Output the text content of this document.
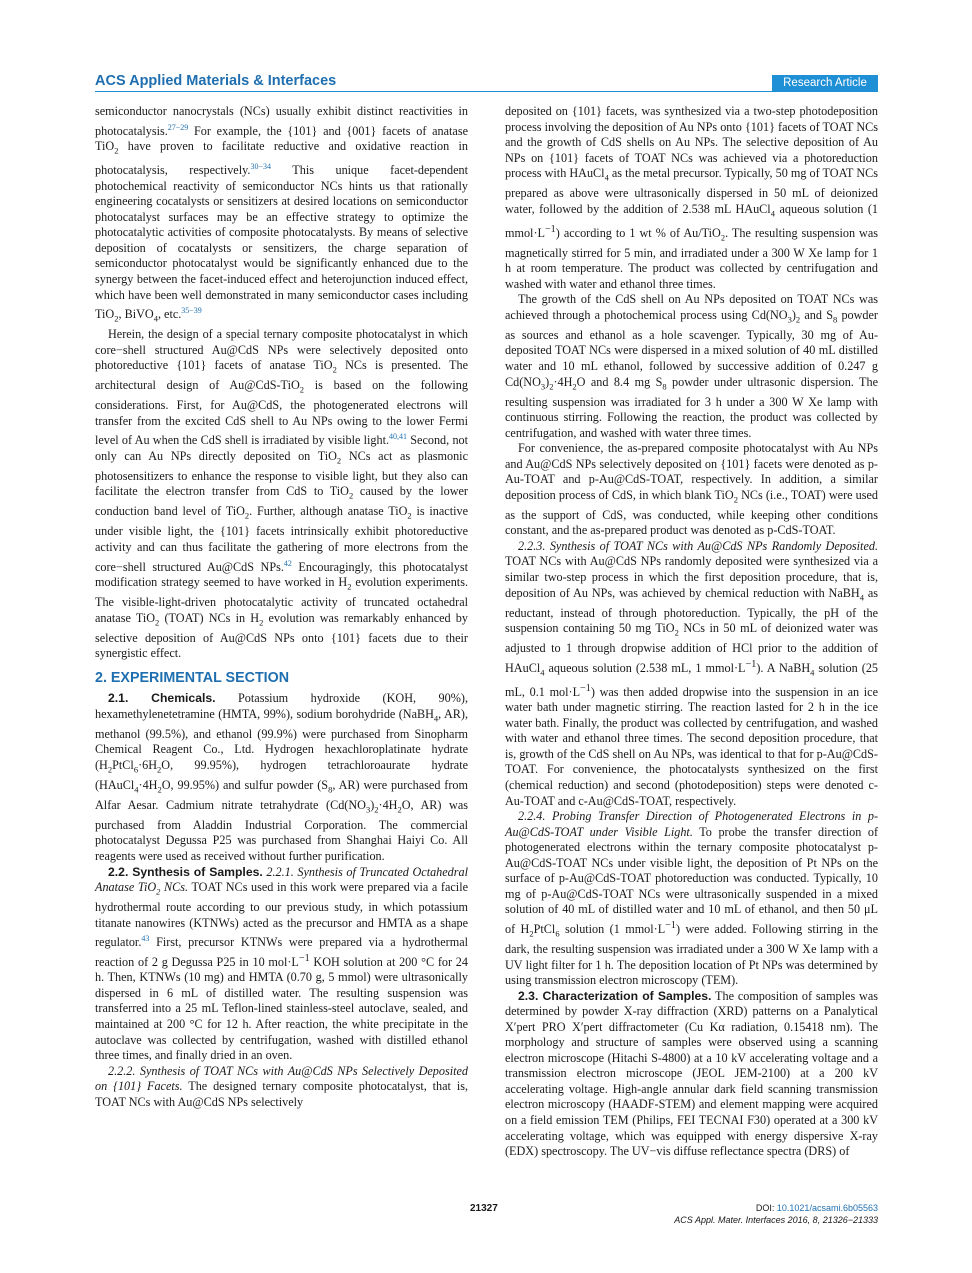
ACS Applied Materials & Interfaces	Research Article

semiconductor nanocrystals (NCs) usually exhibit distinct reactivities in photocatalysis.$^{27-29}$ For example, the {101} and {001} facets of anatase TiO$_2$ have proven to facilitate reductive and oxidative reaction in photocatalysis, respectively.$^{30-34}$ This unique facet-dependent photochemical reactivity of semiconductor NCs hints us that rationally engineering cocatalysts or sensitizers at desired locations on semiconductor photocatalyst surfaces may be an effective strategy to optimize the photocatalytic activities of composite photocatalysts. By means of selective deposition of cocatalysts or sensitizers, the charge separation of semiconductor photocatalyst would be significantly enhanced due to the synergy between the facet-induced effect and heterojunction induced effect, which have been well demonstrated in many semiconductor cases including TiO$_2$, BiVO$_4$, etc.$^{35-39}$

Herein, the design of a special ternary composite photocatalyst in which core−shell structured Au@CdS NPs were selectively deposited onto photoreductive {101} facets of anatase TiO$_2$ NCs is presented. The architectural design of Au@CdS-TiO$_2$ is based on the following considerations. First, for Au@CdS, the photogenerated electrons will transfer from the excited CdS shell to Au NPs owing to the lower Fermi level of Au when the CdS shell is irradiated by visible light.$^{40,41}$ Second, not only can Au NPs directly deposited on TiO$_2$ NCs act as plasmonic photosensitizers to enhance the response to visible light, but they also can facilitate the electron transfer from CdS to TiO$_2$ caused by the lower conduction band level of TiO$_2$. Further, although anatase TiO$_2$ is inactive under visible light, the {101} facets intrinsically exhibit photoreductive activity and can thus facilitate the gathering of more electrons from the core−shell structured Au@CdS NPs.$^{42}$ Encouragingly, this photocatalyst modification strategy seemed to have worked in $H_2$ evolution experiments. The visible-light-driven photocatalytic activity of truncated octahedral anatase TiO$_2$ (TOAT) NCs in $H_2$ evolution was remarkably enhanced by selective deposition of Au@CdS NPs onto {101} facets due to their synergistic effect.

2. EXPERIMENTAL SECTION

2.1. Chemicals. Potassium hydroxide (KOH, 90%), hexamethylenetetramine (HMTA, 99%), sodium borohydride (NaBH$_4$, AR), methanol (99.5%), and ethanol (99.9%) were purchased from Sinopharm Chemical Reagent Co., Ltd. Hydrogen hexachloroplatinate hydrate ($H_2PtCl_6\cdot 6H_2O$, 99.95%), hydrogen tetrachloroaurate hydrate ($HAuCl_4\cdot 4H_2O$, 99.95%) and sulfur powder ($S_8$, AR) were purchased from Alfar Aesar. Cadmium nitrate tetrahydrate ($Cd(NO_3)_2\cdot 4H_2O$, AR) was purchased from Aladdin Industrial Corporation. The commercial photocatalyst Degussa P25 was purchased from Shanghai Haiyi Co. All reagents were used as received without further purification.

2.2. Synthesis of Samples. 2.2.1. Synthesis of Truncated Octahedral Anatase TiO$_2$ NCs. TOAT NCs used in this work were prepared via a facile hydrothermal route according to our previous study, in which potassium titanate nanowires (KTNWs) acted as the precursor and HMTA as a shape regulator.$^{43}$ First, precursor KTNWs were prepared via a hydrothermal reaction of 2 g Degussa P25 in 10 $mol\cdot L^{-1}$ KOH solution at 200 °C for 24 h. Then, KTNWs (10 mg) and HMTA (0.70 g, 5 mmol) were ultrasonically dispersed in 6 mL of distilled water. The resulting suspension was transferred into a 25 mL Teflon-lined stainless-steel autoclave, sealed, and maintained at 200 °C for 12 h. After reaction, the white precipitate in the autoclave was collected by centrifugation, washed with distilled ethanol three times, and finally dried in an oven.

2.2.2. Synthesis of TOAT NCs with Au@CdS NPs Selectively Deposited on {101} Facets. The designed ternary composite photocatalyst, that is, TOAT NCs with Au@CdS NPs selectively

deposited on {101} facets, was synthesized via a two-step photodeposition process involving the deposition of Au NPs onto {101} facets of TOAT NCs and the growth of CdS shells on Au NPs. The selective deposition of Au NPs on {101} facets of TOAT NCs was achieved via a photoreduction process with HAuCl$_4$ as the metal precursor. Typically, 50 mg of TOAT NCs prepared as above were ultrasonically dispersed in 50 mL of deionized water, followed by the addition of 2.538 mL HAuCl$_4$ aqueous solution (1 $mmol\cdot L^{-1}$) according to 1 wt % of Au/TiO$_2$. The resulting suspension was magnetically stirred for 5 min, and irradiated under a 300 W Xe lamp for 1 h at room temperature. The product was collected by centrifugation and washed with water and ethanol three times.

The growth of the CdS shell on Au NPs deposited on TOAT NCs was achieved through a photochemical process using $Cd(NO_3)_2$ and $S_8$ powder as sources and ethanol as a hole scavenger. Typically, 30 mg of Au-deposited TOAT NCs were dispersed in a mixed solution of 40 mL distilled water and 10 mL ethanol, followed by successive addition of 0.247 g $Cd(NO_3)_2\cdot 4H_2O$ and 8.4 mg $S_8$ powder under ultrasonic dispersion. The resulting suspension was irradiated for 3 h under a 300 W Xe lamp with continuous stirring. Following the reaction, the product was collected by centrifugation, and washed with water three times.

For convenience, the as-prepared composite photocatalyst with Au NPs and Au@CdS NPs selectively deposited on {101} facets were denoted as p-Au-TOAT and p-Au@CdS-TOAT, respectively. In addition, a similar deposition process of CdS, in which blank TiO$_2$ NCs (i.e., TOAT) were used as the support of CdS, was conducted, while keeping other conditions constant, and the as-prepared product was denoted as p-CdS-TOAT.

2.2.3. Synthesis of TOAT NCs with Au@CdS NPs Randomly Deposited. TOAT NCs with Au@CdS NPs randomly deposited were synthesized via a similar two-step process in which the first deposition procedure, that is, deposition of Au NPs, was achieved by chemical reduction with NaBH$_4$ as reductant, instead of through photoreduction. Typically, the pH of the suspension containing 50 mg TiO$_2$ NCs in 50 mL of deionized water was adjusted to 1 through dropwise addition of HCl prior to the addition of HAuCl$_4$ aqueous solution (2.538 mL, 1 $mmol\cdot L^{-1}$). A NaBH$_4$ solution (25 mL, 0.1 $mol\cdot L^{-1}$) was then added dropwise into the suspension in an ice water bath under magnetic stirring. The reaction lasted for 2 h in the ice water bath. Finally, the product was collected by centrifugation, and washed with water and ethanol three times. The second deposition procedure, that is, growth of the CdS shell on Au NPs, was identical to that for p-Au@CdS-TOAT. For convenience, the photocatalysts synthesized on the first (chemical reduction) and second (photodeposition) steps were denoted c-Au-TOAT and c-Au@CdS-TOAT, respectively.

2.2.4. Probing Transfer Direction of Photogenerated Electrons in p-Au@CdS-TOAT under Visible Light. To probe the transfer direction of photogenerated electrons within the ternary composite photocatalyst p-Au@CdS-TOAT NCs under visible light, the deposition of Pt NPs on the surface of p-Au@CdS-TOAT photoreduction was conducted. Typically, 10 mg of p-Au@CdS-TOAT NCs were ultrasonically suspended in a mixed solution of 40 mL of distilled water and 10 mL of ethanol, and then 50 μL of $H_2PtCl_6$ solution (1 $mmol\cdot L^{-1}$) were added. Following stirring in the dark, the resulting suspension was irradiated under a 300 W Xe lamp with a UV light filter for 1 h. The deposition location of Pt NPs was determined by using transmission electron microscopy (TEM).

2.3. Characterization of Samples. The composition of samples was determined by powder X-ray diffraction (XRD) patterns on a Panalytical X′pert PRO X′pert diffractometer (Cu Kα radiation, 0.15418 nm). The morphology and structure of samples were observed using a scanning electron microscope (Hitachi S-4800) at a 10 kV accelerating voltage and a transmission electron microscope (JEOL JEM-2100) at a 200 kV accelerating voltage. High-angle annular dark field scanning transmission electron microscopy (HAADF-STEM) and element mapping were acquired on a field emission TEM (Philips, FEI TECNAI F30) operated at a 300 kV accelerating voltage, which was equipped with energy dispersive X-ray (EDX) spectroscopy. The UV−vis diffuse reflectance spectra (DRS) of

21327	DOI: 10.1021/acsami.6b05563
ACS Appl. Mater. Interfaces 2016, 8, 21326−21333
